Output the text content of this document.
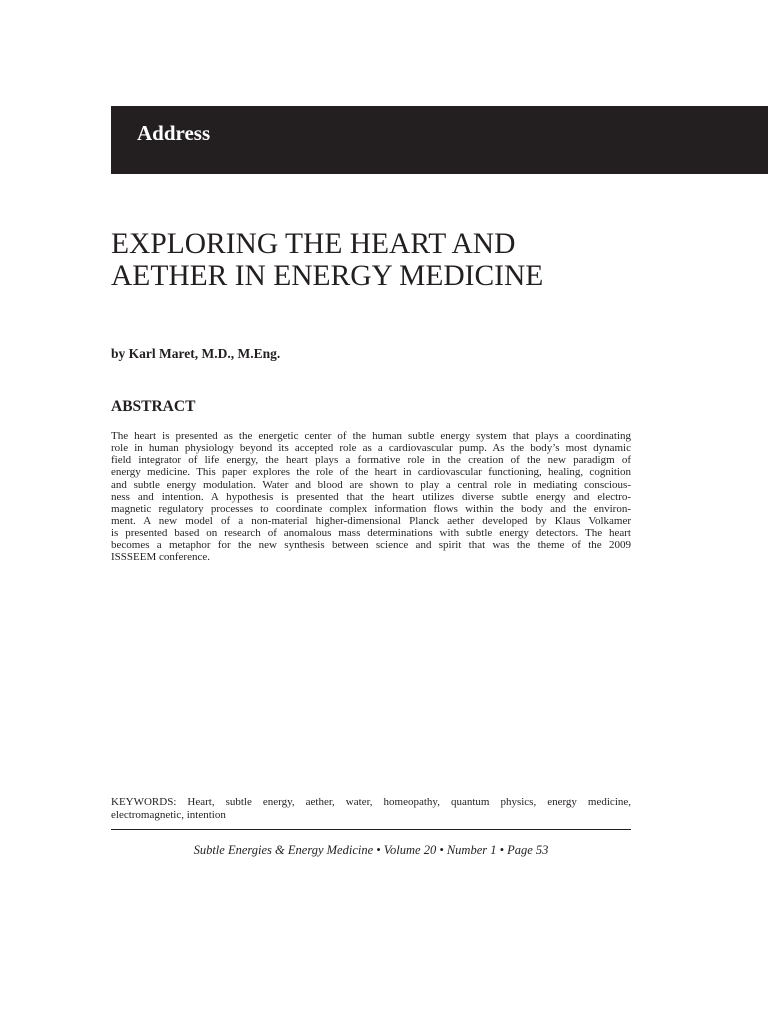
Address
EXPLORING THE HEART AND
AETHER IN ENERGY MEDICINE

by Karl Maret, M.D., M.Eng.

ABSTRACT
The heart is presented as the energetic center of the human subtle energy system that plays a coordinating
role in human physiology beyond its accepted role as a cardiovascular pump. As the body’s most dynamic
field integrator of life energy, the heart plays a formative role in the creation of the new paradigm of
energy medicine. This paper explores the role of the heart in cardiovascular functioning, healing, cognition
and subtle energy modulation. Water and blood are shown to play a central role in mediating conscious-
ness and intention. A hypothesis is presented that the heart utilizes diverse subtle energy and electro-
magnetic regulatory processes to coordinate complex information flows within the body and the environ-
ment. A new model of a non-material higher-dimensional Planck aether developed by Klaus Volkamer
is presented based on research of anomalous mass determinations with subtle energy detectors. The heart
becomes a metaphor for the new synthesis between science and spirit that was the theme of the 2009
ISSSEEM conference.
KEYWORDS: Heart, subtle energy, aether, water, homeopathy, quantum physics, energy medicine,
electromagnetic, intention
Subtle Energies & Energy Medicine • Volume 20 • Number 1 • Page 53
